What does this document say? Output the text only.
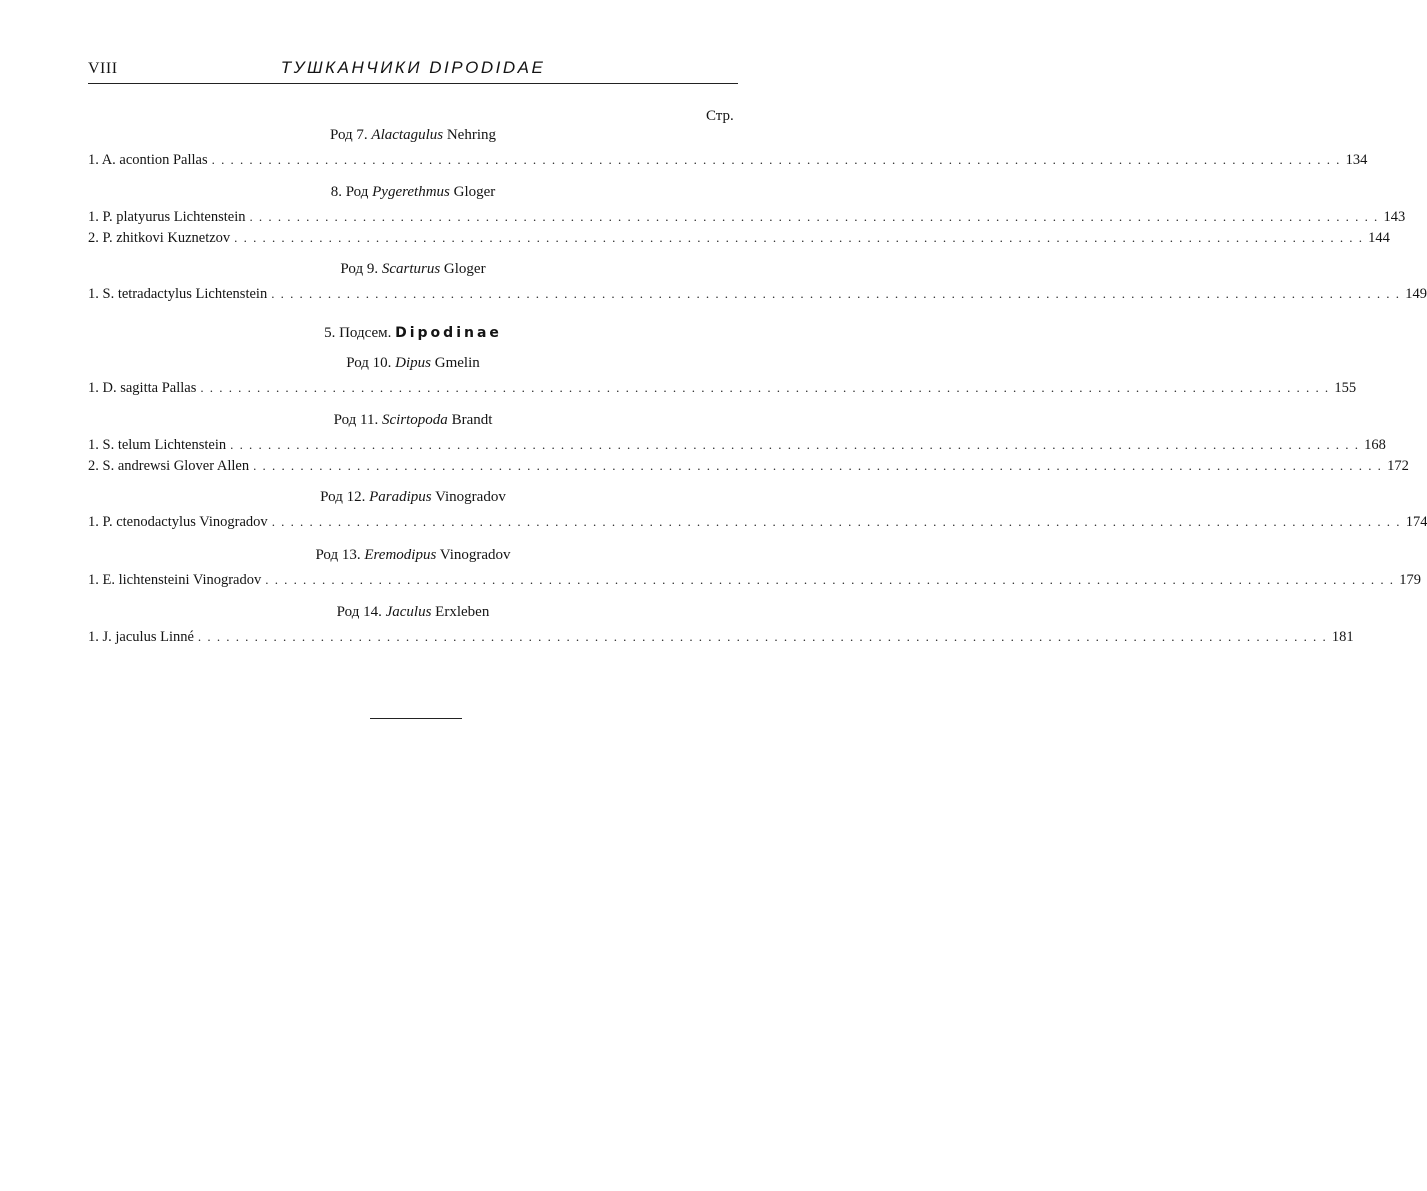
VIII	ТУШКАНЧИКИ DIPODIDAE
Стр.
Род 7. Alactagulus Nehring
1. A. acontion Pallas ........................................................................................................................ 134
8. Род Pygerethmus Gloger
1. P. platyurus Lichtenstein ........................................................................................................................ 143
2. P. zhitkovi Kuznetzov ........................................................................................................................ 144
Род 9. Scarturus Gloger
1. S. tetradactylus Lichtenstein ........................................................................................................................ 149
5. Подсем. Dipodinae
Род 10. Dipus Gmelin
1. D. sagitta Pallas ........................................................................................................................ 155
Род 11. Scirtopoda Brandt
1. S. telum Lichtenstein ........................................................................................................................ 168
2. S. andrewsi Glover Allen ........................................................................................................................ 172
Род 12. Paradipus Vinogradov
1. P. ctenodactylus Vinogradov ........................................................................................................................ 174
Род 13. Eremodipus Vinogradov
1. E. lichtensteini Vinogradov ........................................................................................................................ 179
Род 14. Jaculus Erxleben
1. J. jaculus Linné ........................................................................................................................ 181
